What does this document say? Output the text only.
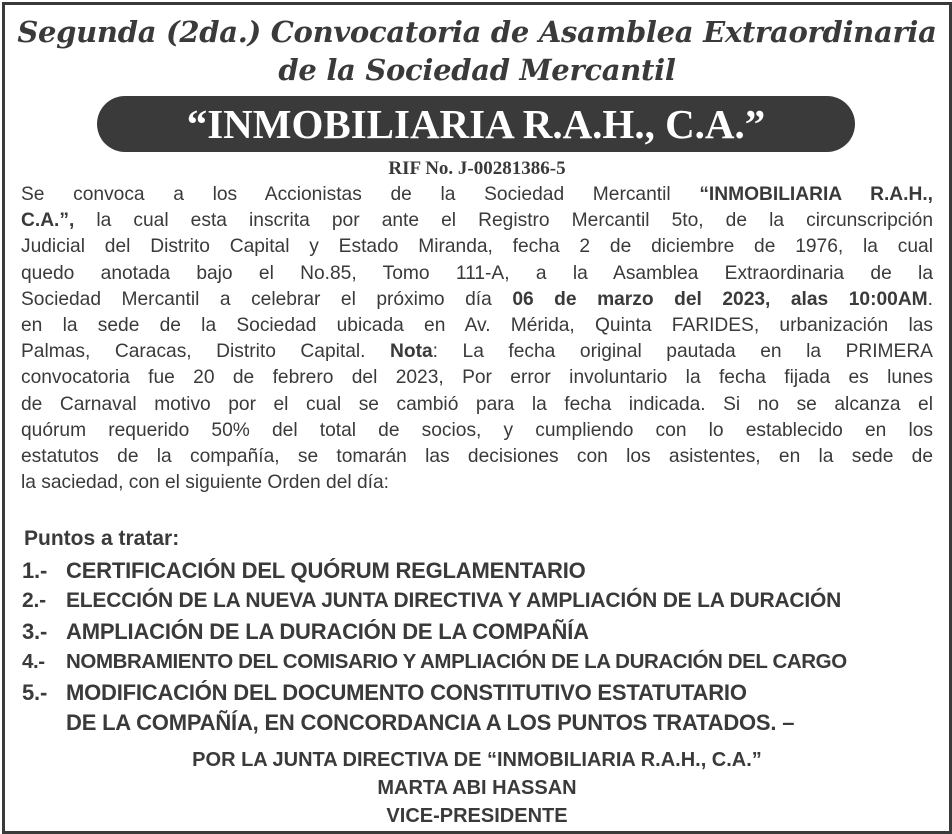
Segunda (2da.) Convocatoria de Asamblea Extraordinaria
de la Sociedad Mercantil
“INMOBILIARIA R.A.H., C.A.”
RIF No. J-00281386-5
Se convoca a los Accionistas de la Sociedad Mercantil “INMOBILIARIA R.A.H.,
C.A.”, la cual esta inscrita por ante el Registro Mercantil 5to, de la circunscripción
Judicial del Distrito Capital y Estado Miranda, fecha 2 de diciembre de 1976, la cual
quedo anotada bajo el No.85, Tomo 111-A, a la Asamblea Extraordinaria de la
Sociedad Mercantil a celebrar el próximo día 06 de marzo del 2023, alas 10:00AM.
en la sede de la Sociedad ubicada en Av. Mérida, Quinta FARIDES, urbanización las
Palmas, Caracas, Distrito Capital. Nota: La fecha original pautada en la PRIMERA
convocatoria fue 20 de febrero del 2023, Por error involuntario la fecha fijada es lunes
de Carnaval motivo por el cual se cambió para la fecha indicada. Si no se alcanza el
quórum requerido 50% del total de socios, y cumpliendo con lo establecido en los
estatutos de la compañía, se tomarán las decisiones con los asistentes, en la sede de
la saciedad, con el siguiente Orden del día:
Puntos a tratar:
1.- CERTIFICACIÓN DEL QUÓRUM REGLAMENTARIO
2.- ELECCIÓN DE LA NUEVA JUNTA DIRECTIVA Y AMPLIACIÓN DE LA DURACIÓN
3.- AMPLIACIÓN DE LA DURACIÓN DE LA COMPAÑÍA
4.- NOMBRAMIENTO DEL COMISARIO Y AMPLIACIÓN DE LA DURACIÓN DEL CARGO
5.- MODIFICACIÓN DEL DOCUMENTO CONSTITUTIVO ESTATUTARIO
DE LA COMPAÑÍA, EN CONCORDANCIA A LOS PUNTOS TRATADOS. –
POR LA JUNTA DIRECTIVA DE “INMOBILIARIA R.A.H., C.A.”
MARTA ABI HASSAN
VICE-PRESIDENTE
